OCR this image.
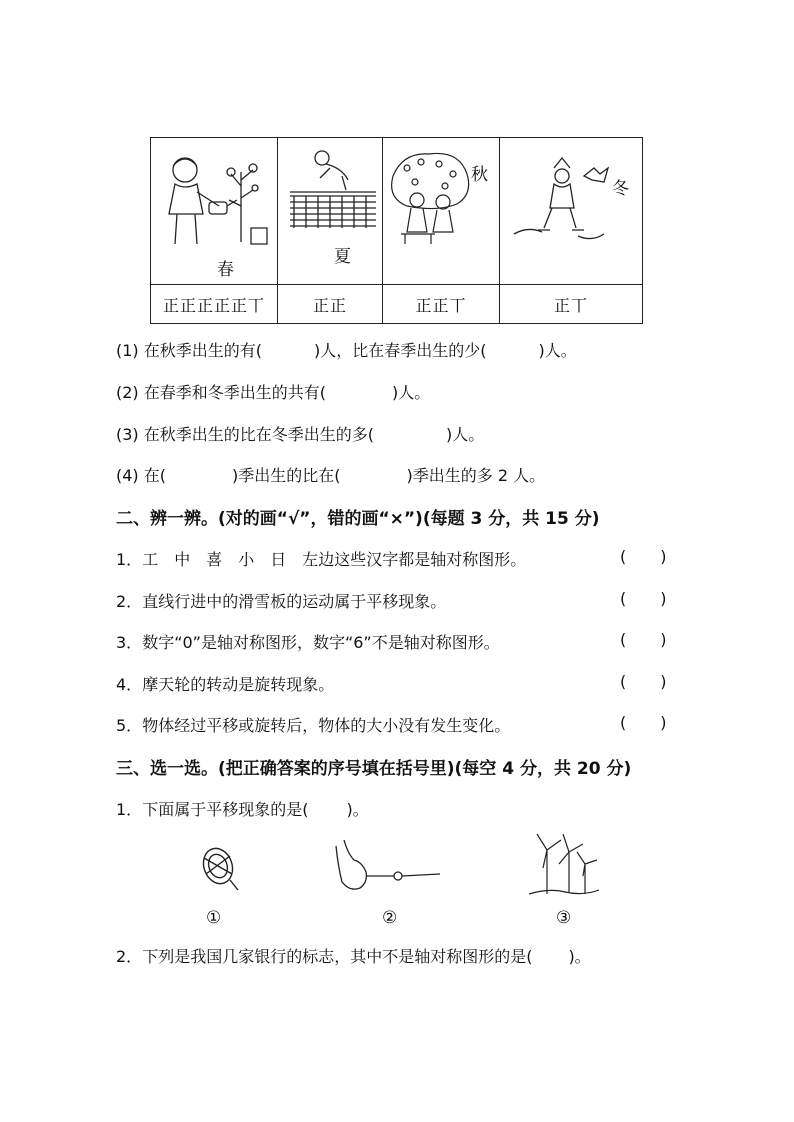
春	夏	秋	冬

正正正正正丅	正正	正正丅	正丅
(1) 在秋季出生的有(	)人，比在春季出生的少(	)人。
(2) 在春季和冬季出生的共有(	)人。
(3) 在秋季出生的比在冬季出生的多(	)人。
(4) 在(	)季出生的比在(	)季出生的多 2 人。
二、辨一辨。(对的画“√”，错的画“×”)(每题 3 分，共 15 分)
1．工　中　喜　小　日　左边这些汉字都是轴对称图形。	( )
2．直线行进中的滑雪板的运动属于平移现象。	( )
3．数字“0”是轴对称图形，数字“6”不是轴对称图形。	( )
4．摩天轮的转动是旋转现象。	( )
5．物体经过平移或旋转后，物体的大小没有发生变化。	( )
三、选一选。(把正确答案的序号填在括号里)(每空 4 分，共 20 分)
1．下面属于平移现象的是( )。
①	②	③
2．下列是我国几家银行的标志，其中不是轴对称图形的是( )。
